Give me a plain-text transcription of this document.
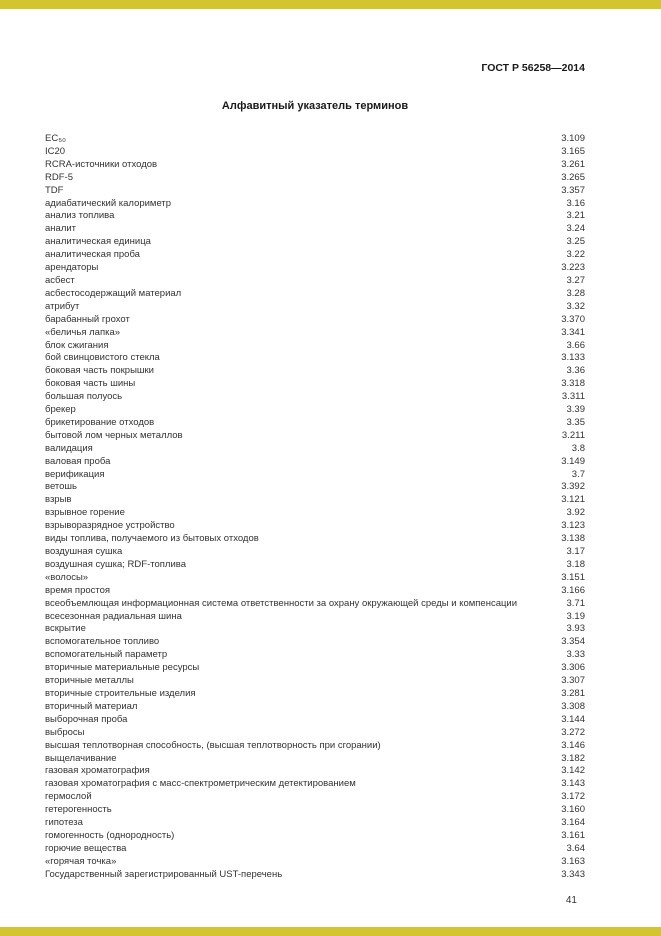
ГОСТ Р 56258—2014
Алфавитный указатель терминов
EC₅₀	3.109
IC20	3.165
RCRA-источники отходов	3.261
RDF-5	3.265
TDF	3.357
адиабатический калориметр	3.16
анализ топлива	3.21
аналит	3.24
аналитическая единица	3.25
аналитическая проба	3.22
арендаторы	3.223
асбест	3.27
асбестосодержащий материал	3.28
атрибут	3.32
барабанный грохот	3.370
«беличья лапка»	3.341
блок сжигания	3.66
бой свинцовистого стекла	3.133
боковая часть покрышки	3.36
боковая часть шины	3.318
большая полуось	3.311
брекер	3.39
брикетирование отходов	3.35
бытовой лом черных металлов	3.211
валидация	3.8
валовая проба	3.149
верификация	3.7
ветошь	3.392
взрыв	3.121
взрывное горение	3.92
взрыворазрядное устройство	3.123
виды топлива, получаемого из бытовых отходов	3.138
воздушная сушка	3.17
воздушная сушка; RDF-топлива	3.18
«волосы»	3.151
время простоя	3.166
всеобъемлющая информационная система ответственности за охрану окружающей среды и компенсации	3.71
всесезонная радиальная шина	3.19
вскрытие	3.93
вспомогательное топливо	3.354
вспомогательный параметр	3.33
вторичные материальные ресурсы	3.306
вторичные металлы	3.307
вторичные строительные изделия	3.281
вторичный материал	3.308
выборочная проба	3.144
выбросы	3.272
высшая теплотворная способность, (высшая теплотворность при сгорании)	3.146
выщелачивание	3.182
газовая хроматография	3.142
газовая хроматография с масс-спектрометрическим детектированием	3.143
гермослой	3.172
гетерогенность	3.160
гипотеза	3.164
гомогенность (однородность)	3.161
горючие вещества	3.64
«горячая точка»	3.163
Государственный зарегистрированный UST-перечень	3.343
41
